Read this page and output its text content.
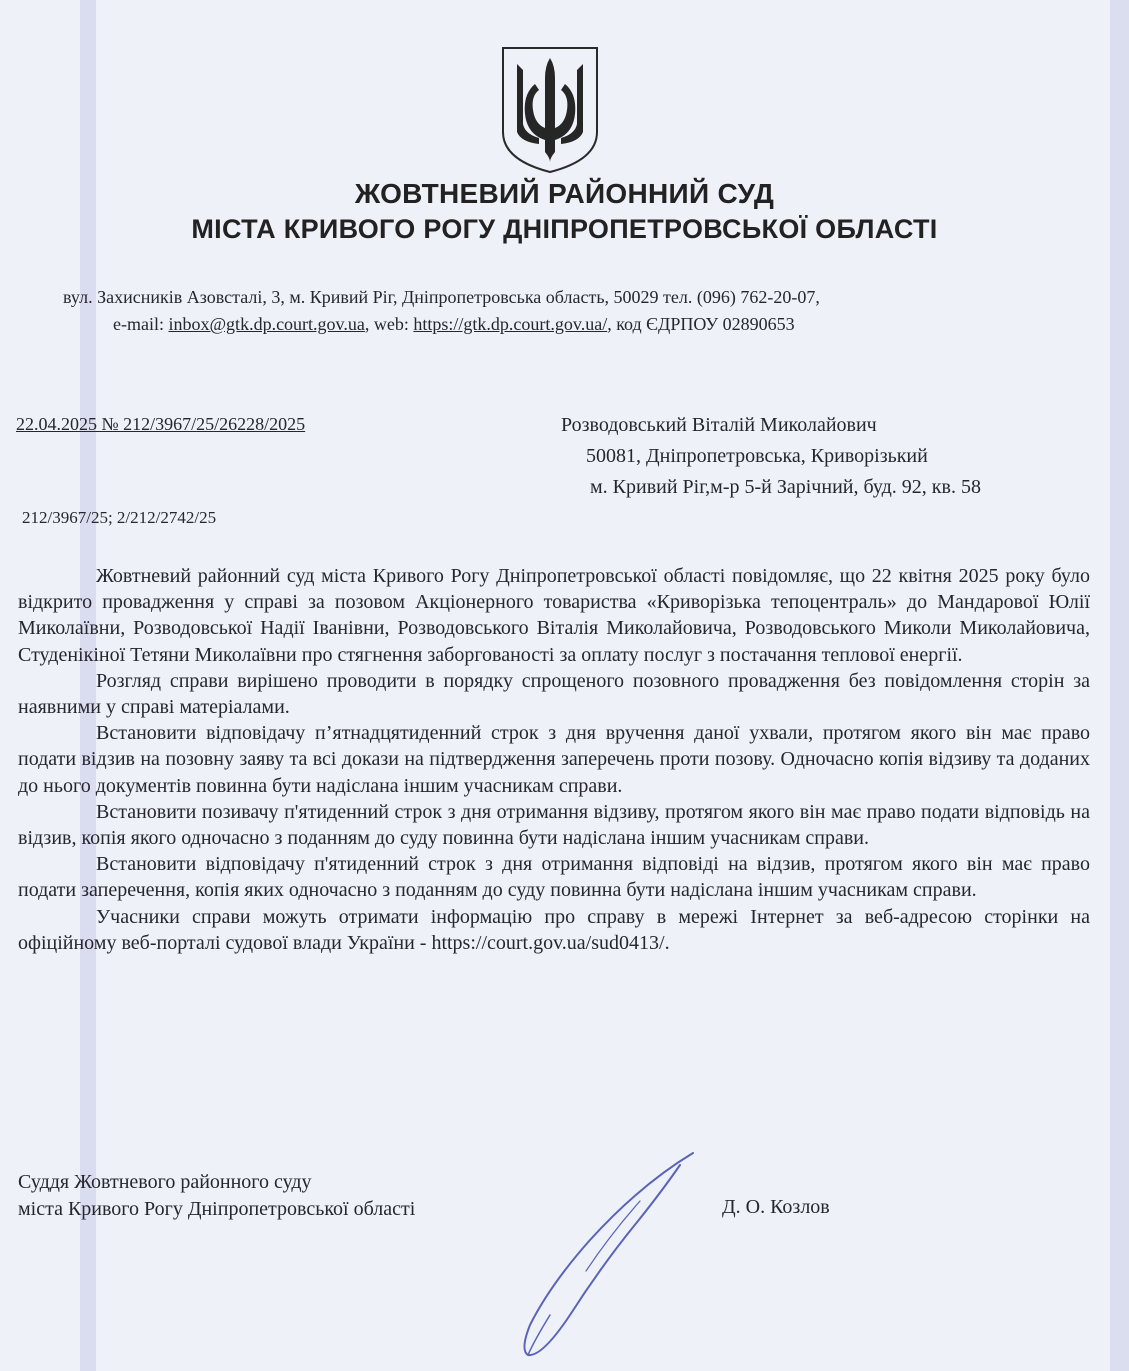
ЖОВТНЕВИЙ РАЙОННИЙ СУД
МІСТА КРИВОГО РОГУ ДНІПРОПЕТРОВСЬКОЇ ОБЛАСТІ
вул. Захисників Азовсталі, 3, м. Кривий Ріг, Дніпропетровська область, 50029 тел. (096) 762-20-07,
e-mail: inbox@gtk.dp.court.gov.ua, web: https://gtk.dp.court.gov.ua/, код ЄДРПОУ 02890653
22.04.2025 № 212/3967/25/26228/2025
212/3967/25; 2/212/2742/25
Розводовський Віталій Миколайович
50081, Дніпропетровська, Криворізький
м. Кривий Ріг,м-р 5-й Зарічний, буд. 92, кв. 58

Жовтневий районний суд міста Кривого Рогу Дніпропетровської області повідомляє, що 22 квітня 2025 року було відкрито провадження у справі за позовом Акціонерного товариства «Криворізька тепоцентраль» до Мандарової Юлії Миколаївни, Розводовської Надії Іванівни, Розводовського Віталія Миколайовича, Розводовського Миколи Миколайовича, Студенікіної Тетяни Миколаївни про стягнення заборгованості за оплату послуг з постачання теплової енергії.

Розгляд справи вирішено проводити в порядку спрощеного позовного провадження без повідомлення сторін за наявними у справі матеріалами.

Встановити відповідачу п’ятнадцятиденний строк з дня вручення даної ухвали, протягом якого він має право подати відзив на позовну заяву та всі докази на підтвердження заперечень проти позову. Одночасно копія відзиву та доданих до нього документів повинна бути надіслана іншим учасникам справи.

Встановити позивачу п'ятиденний строк з дня отримання відзиву, протягом якого він має право подати відповідь на відзив, копія якого одночасно з поданням до суду повинна бути надіслана іншим учасникам справи.

Встановити відповідачу п'ятиденний строк з дня отримання відповіді на відзив, протягом якого він має право подати заперечення, копія яких одночасно з поданням до суду повинна бути надіслана іншим учасникам справи.

Учасники справи можуть отримати інформацію про справу в мережі Інтернет за веб-адресою сторінки на офіційному веб-порталі судової влади України - https://court.gov.ua/sud0413/.

Суддя Жовтневого районного суду
міста Кривого Рогу Дніпропетровської області	Д. О. Козлов
